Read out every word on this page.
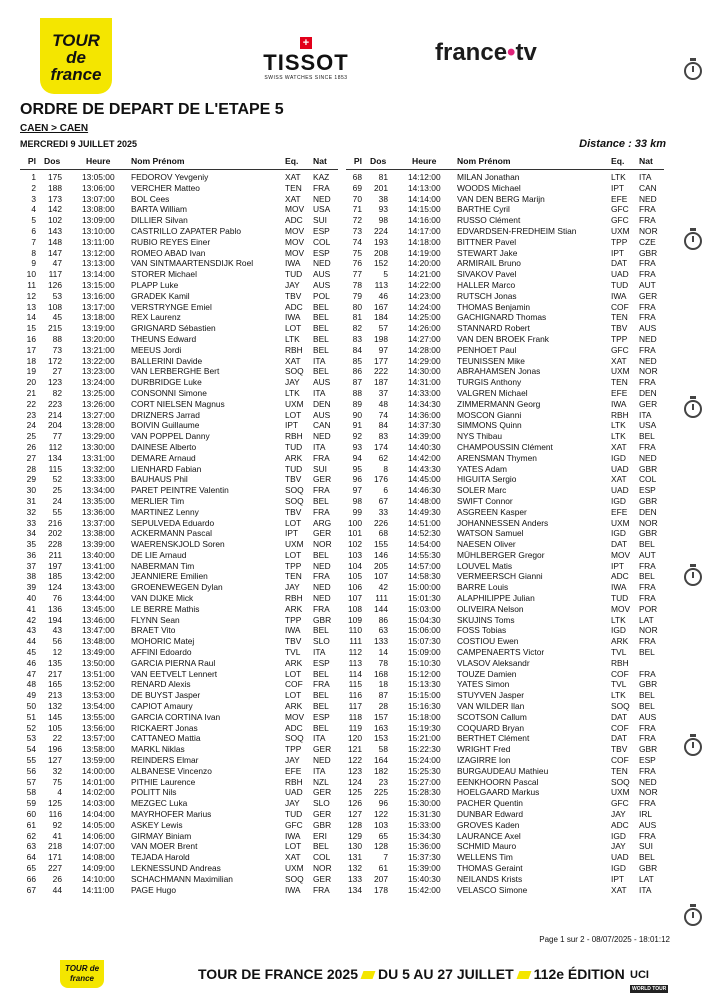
TOUR de france
+ TISSOT
SWISS WATCHES SINCE 1853
france•tv
ORDRE DE DEPART DE L'ETAPE 5
CAEN > CAEN
MERCREDI 9 JUILLET 2025	Distance : 33 km
Pl Dos	Heure Nom Prénom	Eq. Nat
1	175 13:05:00 FEDOROV Yevgeniy	XAT KAZ
2	188 13:06:00 VERCHER Matteo	TEN FRA
3	173 13:07:00 BOL Cees	XAT NED
4	142 13:08:00 BARTA William	MOV USA
5	102 13:09:00 DILLIER Silvan	ADC SUI
6	143 13:10:00 CASTRILLO ZAPATER Pablo	MOV ESP
7	148 13:11:00 RUBIO REYES Einer	MOV COL
8	147 13:12:00 ROMEO ABAD Ivan	MOV ESP
9	47 13:13:00 VAN SINTMAARTENSDIJK Roel	IWA NED
10	117 13:14:00 STORER Michael	TUD AUS
11	126 13:15:00 PLAPP Luke	JAY AUS
12	53 13:16:00 GRADEK Kamil	TBV POL
13	108 13:17:00 VERSTRYNGE Emiel	ADC BEL
14	45 13:18:00 REX Laurenz	IWA BEL
15	215 13:19:00 GRIGNARD Sébastien	LOT BEL
16	88 13:20:00 THEUNS Edward	LTK BEL
17	73 13:21:00 MEEUS Jordi	RBH BEL
18	172 13:22:00 BALLERINI Davide	XAT ITA
19	27 13:23:00 VAN LERBERGHE Bert	SOQ BEL
20	123 13:24:00 DURBRIDGE Luke	JAY AUS
21	82 13:25:00 CONSONNI Simone	LTK ITA
22	223 13:26:00 CORT NIELSEN Magnus	UXM DEN
23	214 13:27:00 DRIZNERS Jarrad	LOT AUS
24	204 13:28:00 BOIVIN Guillaume	IPT CAN
25	77 13:29:00 VAN POPPEL Danny	RBH NED
26	112 13:30:00 DAINESE Alberto	TUD ITA
27	134 13:31:00 DEMARE Arnaud	ARK FRA
28	115 13:32:00 LIENHARD Fabian	TUD SUI
29	52 13:33:00 BAUHAUS Phil	TBV GER
30	25 13:34:00 PARET PEINTRE Valentin	SOQ FRA
31	24 13:35:00 MERLIER Tim	SOQ BEL
32	55 13:36:00 MARTINEZ Lenny	TBV FRA
33	216 13:37:00 SEPULVEDA Eduardo	LOT ARG
34	202 13:38:00 ACKERMANN Pascal	IPT GER
35	228 13:39:00 WAERENSKJOLD Soren	UXM NOR
36	211 13:40:00 DE LIE Arnaud	LOT BEL
37	197 13:41:00 NABERMAN Tim	TPP NED
38	185 13:42:00 JEANNIERE Emilien	TEN FRA
39	124 13:43:00 GROENEWEGEN Dylan	JAY NED
40	76 13:44:00 VAN DIJKE Mick	RBH NED
41	136 13:45:00 LE BERRE Mathis	ARK FRA
42	194 13:46:00 FLYNN Sean	TPP GBR
43	43 13:47:00 BRAET Vito	IWA BEL
44	56 13:48:00 MOHORIC Matej	TBV SLO
45	12 13:49:00 AFFINI Edoardo	TVL ITA
46	135 13:50:00 GARCIA PIERNA Raul	ARK ESP
47	217 13:51:00 VAN EETVELT Lennert	LOT BEL
48	165 13:52:00 RENARD Alexis	COF FRA
49	213 13:53:00 DE BUYST Jasper	LOT BEL
50	132 13:54:00 CAPIOT Amaury	ARK BEL
51	145 13:55:00 GARCIA CORTINA Ivan	MOV ESP
52	105 13:56:00 RICKAERT Jonas	ADC BEL
53	22 13:57:00 CATTANEO Mattia	SOQ ITA
54	196 13:58:00 MARKL Niklas	TPP GER
55	127 13:59:00 REINDERS Elmar	JAY NED
56	32 14:00:00 ALBANESE Vincenzo	EFE ITA
57	75 14:01:00 PITHIE Laurence	RBH NZL
58	4 14:02:00 POLITT Nils	UAD GER
59	125 14:03:00 MEZGEC Luka	JAY SLO
60	116 14:04:00 MAYRHOFER Marius	TUD GER
61	92 14:05:00 ASKEY Lewis	GFC GBR
62	41 14:06:00 GIRMAY Biniam	IWA ERI
63	218 14:07:00 VAN MOER Brent	LOT BEL
64	171 14:08:00 TEJADA Harold	XAT COL
65	227 14:09:00 LEKNESSUND Andreas	UXM NOR
66	26 14:10:00 SCHACHMANN Maximilian	SOQ GER
67	44 14:11:00 PAGE Hugo	IWA FRA
Pl Dos	Heure Nom Prénom	Eq. Nat
68	81 14:12:00 MILAN Jonathan	LTK ITA
69	201 14:13:00 WOODS Michael	IPT CAN
70	38 14:14:00 VAN DEN BERG Marijn	EFE NED
71	93 14:15:00 BARTHE Cyril	GFC FRA
72	98 14:16:00 RUSSO Clément	GFC FRA
73	224 14:17:00 EDVARDSEN-FREDHEIM Stian	UXM NOR
74	193 14:18:00 BITTNER Pavel	TPP CZE
75	208 14:19:00 STEWART Jake	IPT GBR
76	152 14:20:00 ARMIRAIL Bruno	DAT FRA
77	5 14:21:00 SIVAKOV Pavel	UAD FRA
78	113 14:22:00 HALLER Marco	TUD AUT
79	46 14:23:00 RUTSCH Jonas	IWA GER
80	167 14:24:00 THOMAS Benjamin	COF FRA
81	184 14:25:00 GACHIGNARD Thomas	TEN FRA
82	57 14:26:00 STANNARD Robert	TBV AUS
83	198 14:27:00 VAN DEN BROEK Frank	TPP NED
84	97 14:28:00 PENHOET Paul	GFC FRA
85	177 14:29:00 TEUNISSEN Mike	XAT NED
86	222 14:30:00 ABRAHAMSEN Jonas	UXM NOR
87	187 14:31:00 TURGIS Anthony	TEN FRA
88	37 14:33:00 VALGREN Michael	EFE DEN
89	48 14:34:30 ZIMMERMANN Georg	IWA GER
90	74 14:36:00 MOSCON Gianni	RBH ITA
91	84 14:37:30 SIMMONS Quinn	LTK USA
92	83 14:39:00 NYS Thibau	LTK BEL
93	174 14:40:30 CHAMPOUSSIN Clément	XAT FRA
94	62 14:42:00 ARENSMAN Thymen	IGD NED
95	8 14:43:30 YATES Adam	UAD GBR
96	176 14:45:00 HIGUITA Sergio	XAT COL
97	6 14:46:30 SOLER Marc	UAD ESP
98	67 14:48:00 SWIFT Connor	IGD GBR
99	33 14:49:30 ASGREEN Kasper	EFE DEN
100	226 14:51:00 JOHANNESSEN Anders	UXM NOR
101	68 14:52:30 WATSON Samuel	IGD GBR
102	155 14:54:00 NAESEN Oliver	DAT BEL
103	146 14:55:30 MÜHLBERGER Gregor	MOV AUT
104	205 14:57:00 LOUVEL Matis	IPT FRA
105	107 14:58:30 VERMEERSCH Gianni	ADC BEL
106	42 15:00:00 BARRE Louis	IWA FRA
107	111 15:01:30 ALAPHILIPPE Julian	TUD FRA
108	144 15:03:00 OLIVEIRA Nelson	MOV POR
109	86 15:04:30 SKUJINS Toms	LTK LAT
110	63 15:06:00 FOSS Tobias	IGD NOR
111	133 15:07:30 COSTIOU Ewen	ARK FRA
112	14 15:09:00 CAMPENAERTS Victor	TVL BEL
113	78 15:10:30 VLASOV Aleksandr	RBH
114	168 15:12:00 TOUZE Damien	COF FRA
115	18 15:13:30 YATES Simon	TVL GBR
116	87 15:15:00 STUYVEN Jasper	LTK BEL
117	28 15:16:30 VAN WILDER Ilan	SOQ BEL
118	157 15:18:00 SCOTSON Callum	DAT AUS
119	163 15:19:30 COQUARD Bryan	COF FRA
120	153 15:21:00 BERTHET Clément	DAT FRA
121	58 15:22:30 WRIGHT Fred	TBV GBR
122	164 15:24:00 IZAGIRRE Ion	COF ESP
123	182 15:25:30 BURGAUDEAU Mathieu	TEN FRA
124	23 15:27:00 EENKHOORN Pascal	SOQ NED
125	225 15:28:30 HOELGAARD Markus	UXM NOR
126	96 15:30:00 PACHER Quentin	GFC FRA
127	122 15:31:30 DUNBAR Edward	JAY IRL
128	103 15:33:00 GROVES Kaden	ADC AUS
129	65 15:34:30 LAURANCE Axel	IGD FRA
130	128 15:36:00 SCHMID Mauro	JAY SUI
131	7 15:37:30 WELLENS Tim	UAD BEL
132	61 15:39:00 THOMAS Geraint	IGD GBR
133	207 15:40:30 NEILANDS Krists	IPT LAT
134	178 15:42:00 VELASCO Simone	XAT ITA
Page 1 sur 2 - 08/07/2025 - 18:01:12
TOUR de france	TOUR DE FRANCE 2025 DU 5 AU 27 JUILLET 112e ÉDITION UCI WORLD TOUR
